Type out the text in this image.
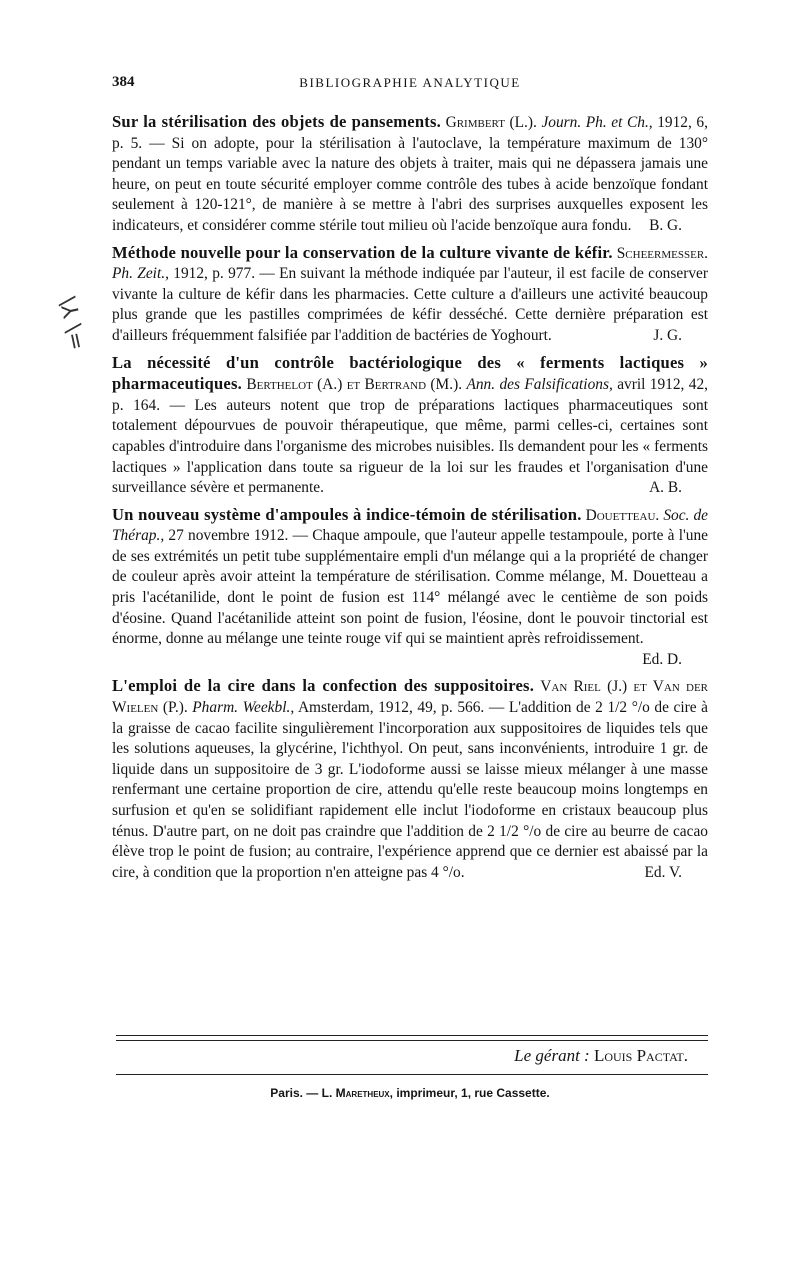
384	BIBLIOGRAPHIE ANALYTIQUE
\⅄ \=

Sur la stérilisation des objets de pansements. Grimbert (L.). Journ. Ph. et Ch., 1912, 6, p. 5. — Si on adopte, pour la stérilisation à l'autoclave, la température maximum de 130° pendant un temps variable avec la nature des objets à traiter, mais qui ne dépassera jamais une heure, on peut en toute sécurité employer comme contrôle des tubes à acide benzoïque fondant seulement à 120-121°, de manière à se mettre à l'abri des surprises auxquelles exposent les indicateurs, et considérer comme stérile tout milieu où l'acide benzoïque aura fondu.	B. G.

Méthode nouvelle pour la conservation de la culture vivante de kéfir. Scheermesser. Ph. Zeit., 1912, p. 977. — En suivant la méthode indiquée par l'auteur, il est facile de conserver vivante la culture de kéfir dans les pharmacies. Cette culture a d'ailleurs une activité beaucoup plus grande que les pastilles comprimées de kéfir desséché. Cette dernière préparation est d'ailleurs fréquemment falsifiée par l'addition de bactéries de Yoghourt.	J. G.

La nécessité d'un contrôle bactériologique des « ferments lactiques » pharmaceutiques. Berthelot (A.) et Bertrand (M.). Ann. des Falsifications, avril 1912, 42, p. 164. — Les auteurs notent que trop de préparations lactiques pharmaceutiques sont totalement dépourvues de pouvoir thérapeutique, que même, parmi celles-ci, certaines sont capables d'introduire dans l'organisme des microbes nuisibles. Ils demandent pour les « ferments lactiques » l'application dans toute sa rigueur de la loi sur les fraudes et l'organisation d'une surveillance sévère et permanente.	A. B.

Un nouveau système d'ampoules à indice-témoin de stérilisation. Douetteau. Soc. de Thérap., 27 novembre 1912. — Chaque ampoule, que l'auteur appelle testampoule, porte à l'une de ses extrémités un petit tube supplémentaire empli d'un mélange qui a la propriété de changer de couleur après avoir atteint la température de stérilisation. Comme mélange, M. Douetteau a pris l'acétanilide, dont le point de fusion est 114° mélangé avec le centième de son poids d'éosine. Quand l'acétanilide atteint son point de fusion, l'éosine, dont le pouvoir tinctorial est énorme, donne au mélange une teinte rouge vif qui se maintient après refroidissement.
Ed. D.

L'emploi de la cire dans la confection des suppositoires. Van Riel (J.) et Van der Wielen (P.). Pharm. Weekbl., Amsterdam, 1912, 49, p. 566. — L'addition de 2 1/2 °/o de cire à la graisse de cacao facilite singulièrement l'incorporation aux suppositoires de liquides tels que les solutions aqueuses, la glycérine, l'ichthyol. On peut, sans inconvénients, introduire 1 gr. de liquide dans un suppositoire de 3 gr. L'iodoforme aussi se laisse mieux mélanger à une masse renfermant une certaine proportion de cire, attendu qu'elle reste beaucoup moins longtemps en surfusion et qu'en se solidifiant rapidement elle inclut l'iodoforme en cristaux beaucoup plus ténus. D'autre part, on ne doit pas craindre que l'addition de 2 1/2 °/o de cire au beurre de cacao élève trop le point de fusion; au contraire, l'expérience apprend que ce dernier est abaissé par la cire, à condition que la proportion n'en atteigne pas 4 °/o.	Ed. V.

Le gérant : Louis Pactat.
Paris. — L. Maretheux, imprimeur, 1, rue Cassette.
